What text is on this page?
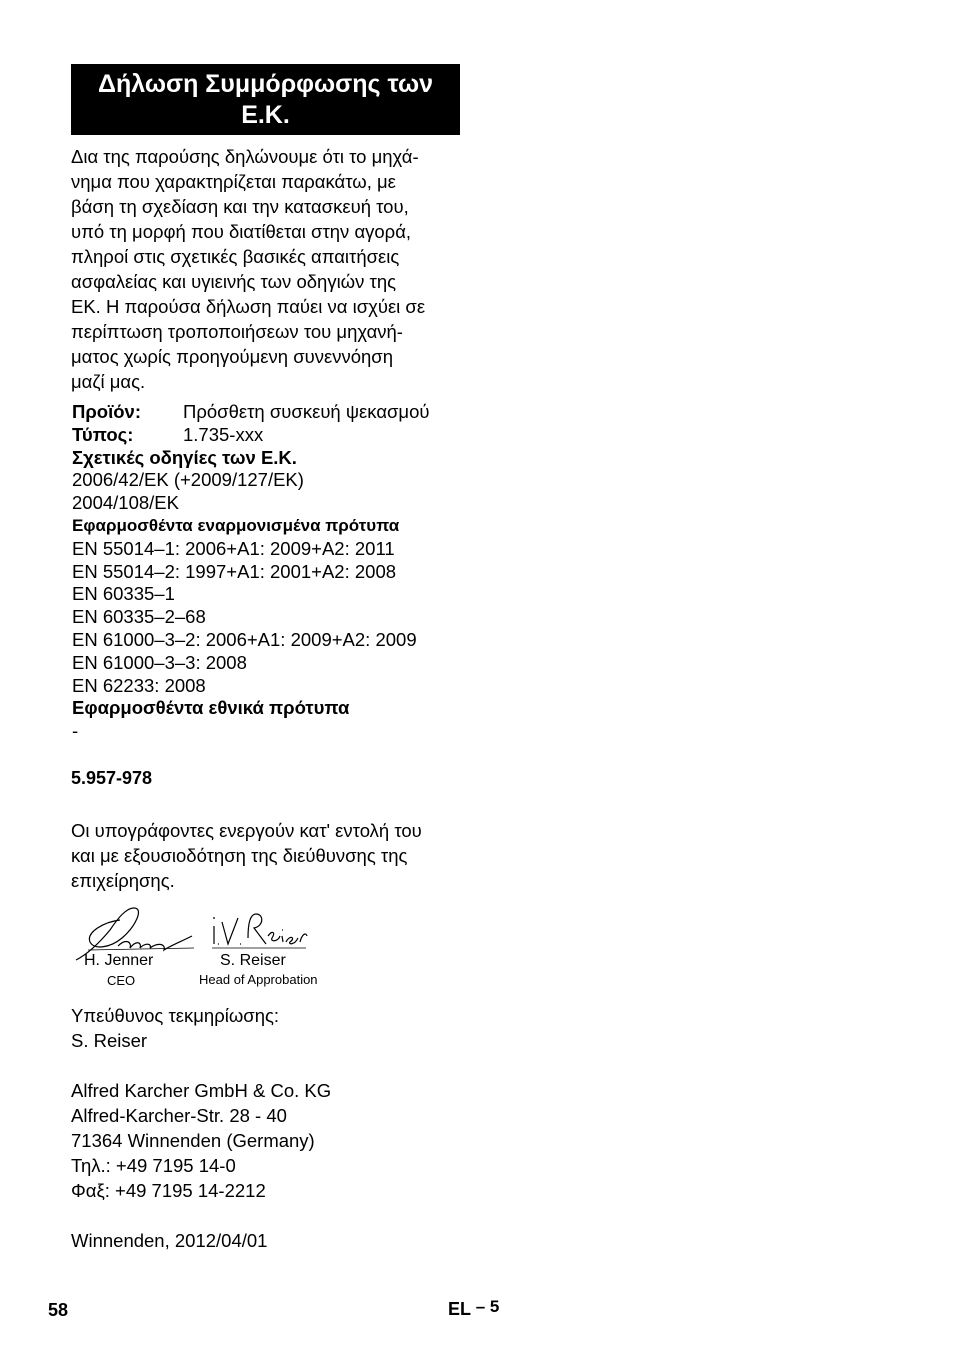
Δήλωση Συμμόρφωσης των
Ε.Κ.
Δια της παρούσης δηλώνουμε ότι το μηχά-
νημα που χαρακτηρίζεται παρακάτω, με
βάση τη σχεδίαση και την κατασκευή του,
υπό τη μορφή που διατίθεται στην αγορά,
πληροί στις σχετικές βασικές απαιτήσεις
ασφαλείας και υγιεινής των οδηγιών της
ΕΚ. Η παρούσα δήλωση παύει να ισχύει σε
περίπτωση τροποποιήσεων του μηχανή-
ματος χωρίς προηγούμενη συνεννόηση
μαζί μας.
Προϊόν: Πρόσθετη συσκευή ψεκασμού
Τύπος:	1.735-xxx
Σχετικές οδηγίες των Ε.Κ.
2006/42/ΕΚ (+2009/127/ΕΚ)
2004/108/ΕΚ
Εφαρμοσθέντα εναρμονισμένα πρότυπα
EN 55014–1: 2006+A1: 2009+A2: 2011
EN 55014–2: 1997+A1: 2001+A2: 2008
EN 60335–1
EN 60335–2–68
EN 61000–3–2: 2006+A1: 2009+A2: 2009
EN 61000–3–3: 2008
EN 62233: 2008
Εφαρμοσθέντα εθνικά πρότυπα
-
5.957-978
Οι υπογράφοντες ενεργούν κατ' εντολή του
και με εξουσιοδότηση της διεύθυνσης της
επιχείρησης.
H. Jenner
CEO
S. Reiser
Head of Approbation
Υπεύθυνος τεκμηρίωσης:
S. Reiser
Alfred Karcher GmbH & Co. KG
Alfred-Karcher-Str. 28 - 40
71364 Winnenden (Germany)
Τηλ.: +49 7195 14-0
Φαξ: +49 7195 14-2212
Winnenden, 2012/04/01
58	EL – 5
